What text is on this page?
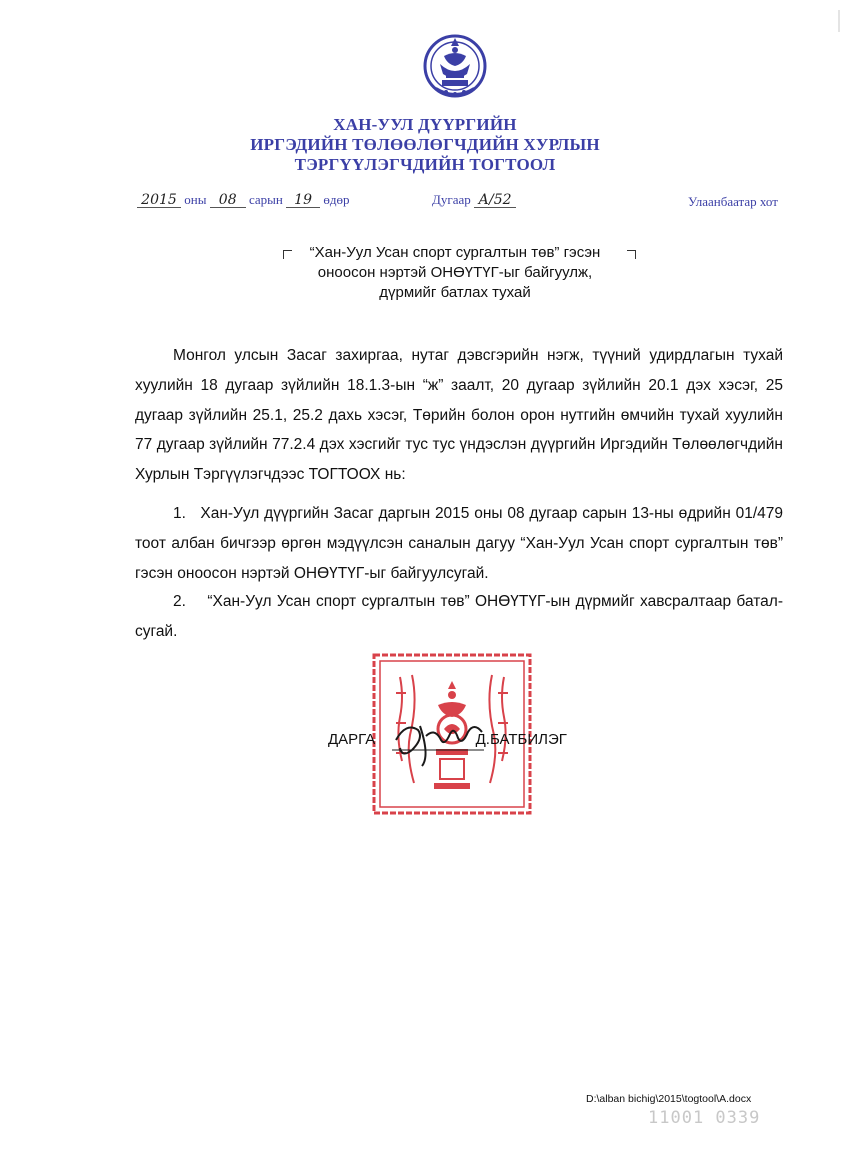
ХАН-УУЛ ДҮҮРГИЙН
ИРГЭДИЙН ТӨЛӨӨЛӨГЧДИЙН ХУРЛЫН
ТЭРГҮҮЛЭГЧДИЙН ТОГТООЛ
2015 оны 08 сарын 19 өдөр	Дугаар А/52	Улаанбаатар хот
“Хан-Уул Усан спорт сургалтын төв” гэсэн
оноосон нэртэй ОНӨҮТҮГ-ыг байгуулж,
дүрмийг батлах тухай
Монгол улсын Засаг захиргаа, нутаг дэвсгэрийн нэгж, түүний удирдлагын тухай хуулийн 18 дугаар зүйлийн 18.1.3-ын “ж” заалт, 20 дугаар зүйлийн 20.1 дэх хэсэг, 25 дугаар зүйлийн 25.1, 25.2 дахь хэсэг, Төрийн болон орон нутгийн өмчийн тухай хуулийн 77 дугаар зүйлийн 77.2.4 дэх хэсгийг тус тус үндэслэн дүүргийн Иргэдийн Төлөөлөгчдийн Хурлын Тэргүүлэгчдээс ТОГТООХ нь:
1. Хан-Уул дүүргийн Засаг даргын 2015 оны 08 дугаар сарын 13-ны өдрийн 01/479 тоот албан бичгээр өргөн мэдүүлсэн саналын дагуу “Хан-Уул Усан спорт сургалтын төв” гэсэн оноосон нэртэй ОНӨҮТҮГ-ыг байгуулсугай.
2. “Хан-Уул Усан спорт сургалтын төв” ОНӨҮТҮГ-ын дүрмийг хавсралтаар баталсугай.
ДАРГА	Д.БАТБИЛЭГ
D:\alban bichig\2015\togtool\A.docx
11001 0339
